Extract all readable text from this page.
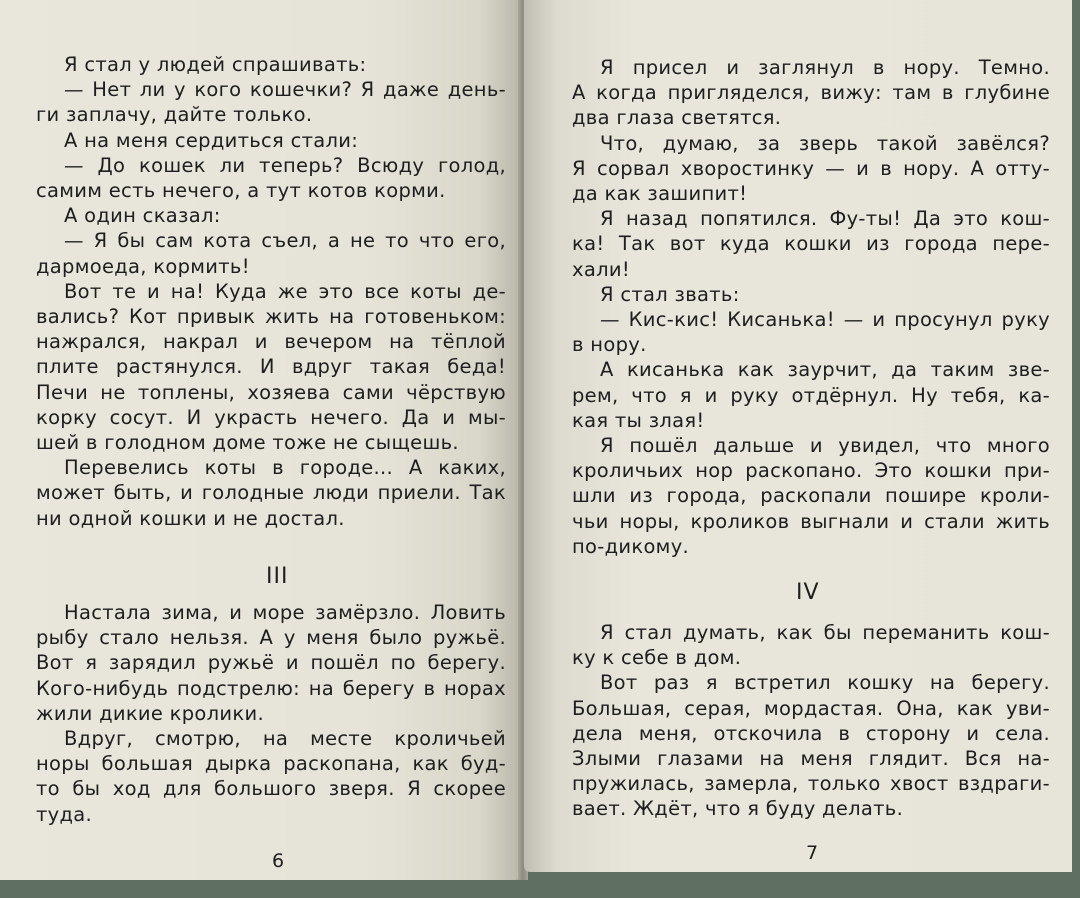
Я стал у людей спрашивать:
— Нет ли у кого кошечки? Я даже день-
ги заплачу, дайте только.
А на меня сердиться стали:
— До кошек ли теперь? Всюду голод,
самим есть нечего, а тут котов корми.
А один сказал:
— Я бы сам кота съел, а не то что его,
дармоеда, кормить!
Вот те и на! Куда же это все коты де-
вались? Кот привык жить на готовеньком:
нажрался, накрал и вечером на тёплой
плите растянулся. И вдруг такая беда!
Печи не топлены, хозяева сами чёрствую
корку сосут. И украсть нечего. Да и мы-
шей в голодном доме тоже не сыщешь.
Перевелись коты в городе... А каких,
может быть, и голодные люди приели. Так
ни одной кошки и не достал.
III
Настала зима, и море замёрзло. Ловить
рыбу стало нельзя. А у меня было ружьё.
Вот я зарядил ружьё и пошёл по берегу.
Кого-нибудь подстрелю: на берегу в норах
жили дикие кролики.
Вдруг, смотрю, на месте кроличьей
норы большая дырка раскопана, как буд-
то бы ход для большого зверя. Я скорее
туда.
6
Я присел и заглянул в нору. Темно.
А когда пригляделся, вижу: там в глубине
два глаза светятся.
Что, думаю, за зверь такой завёлся?
Я сорвал хворостинку — и в нору. А отту-
да как зашипит!
Я назад попятился. Фу-ты! Да это кош-
ка! Так вот куда кошки из города пере-
хали!
Я стал звать:
— Кис-кис! Кисанька! — и просунул руку
в нору.
А кисанька как заурчит, да таким зве-
рем, что я и руку отдёрнул. Ну тебя, ка-
кая ты злая!
Я пошёл дальше и увидел, что много
кроличьих нор раскопано. Это кошки при-
шли из города, раскопали пошире кроли-
чьи норы, кроликов выгнали и стали жить
по-дикому.
IV
Я стал думать, как бы переманить кош-
ку к себе в дом.
Вот раз я встретил кошку на берегу.
Большая, серая, мордастая. Она, как уви-
дела меня, отскочила в сторону и села.
Злыми глазами на меня глядит. Вся на-
пружилась, замерла, только хвост вздраги-
вает. Ждёт, что я буду делать.
7
